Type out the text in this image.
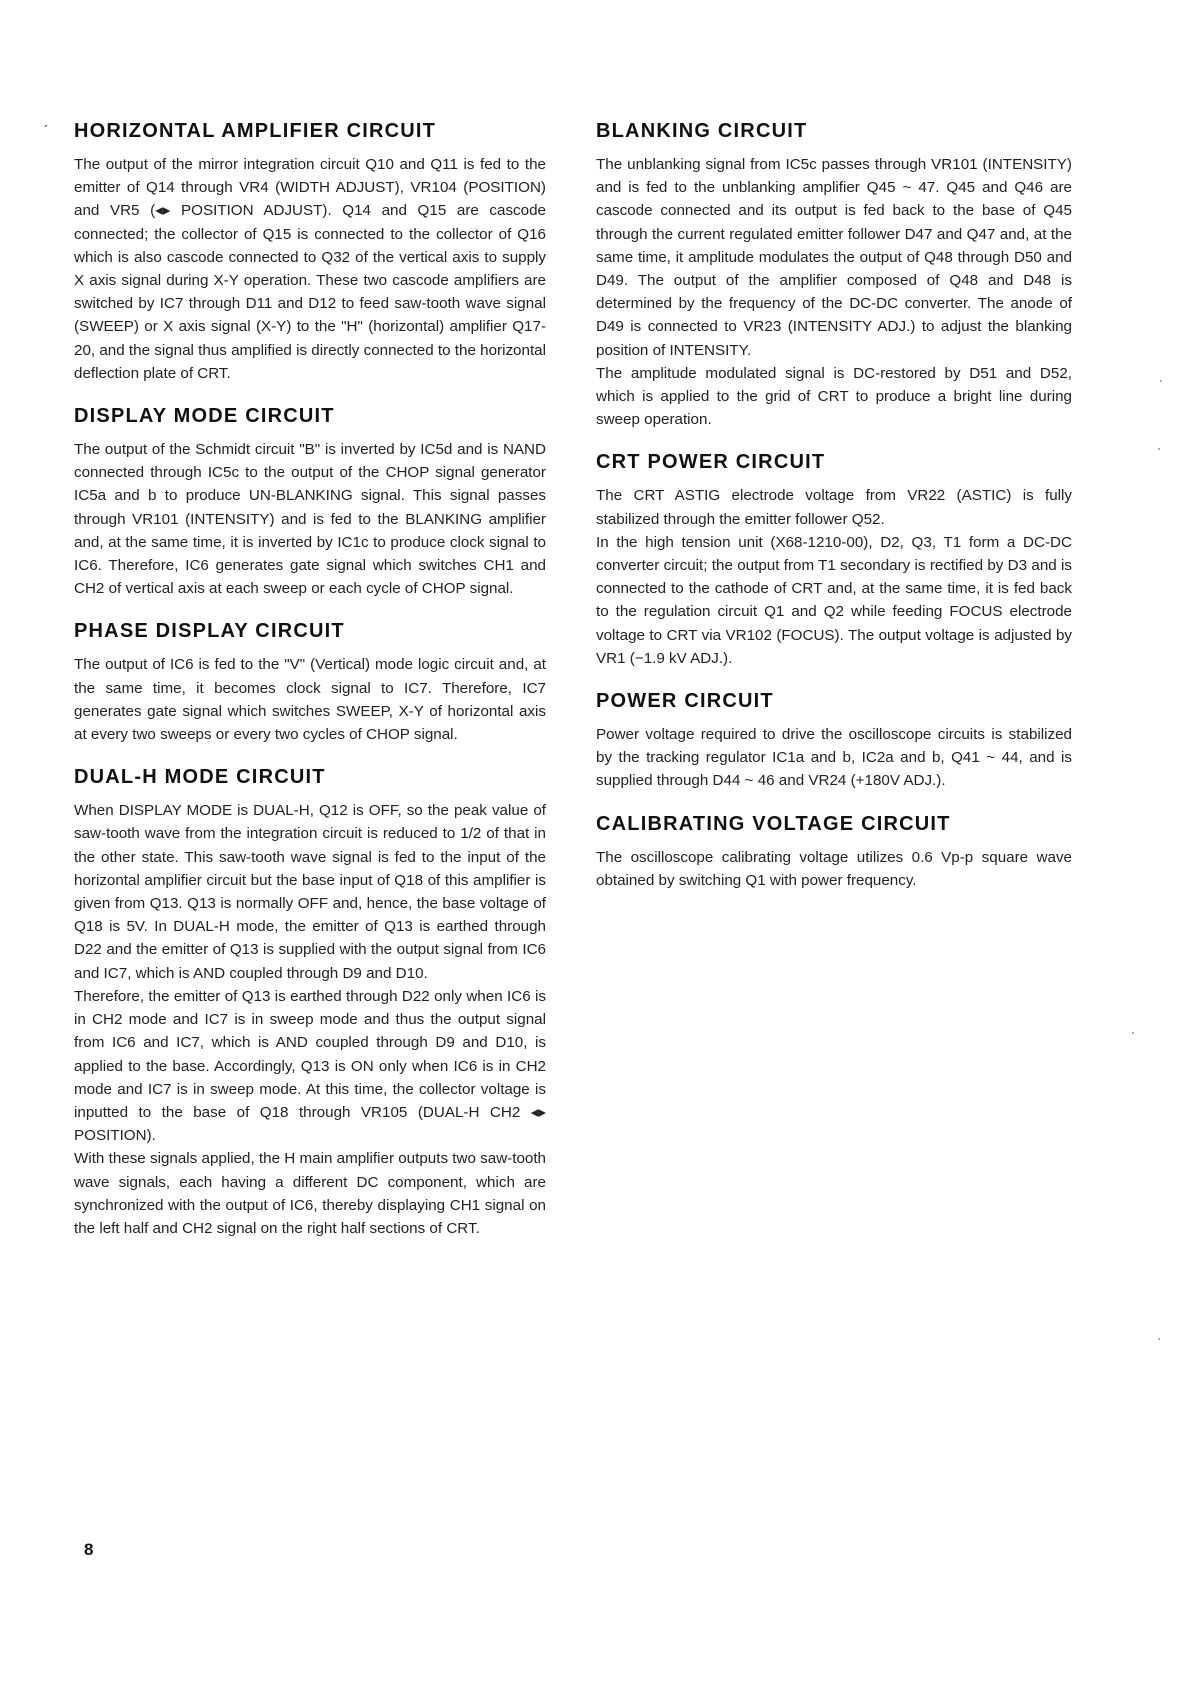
´ HORIZONTAL AMPLIFIER CIRCUIT

The output of the mirror integration circuit Q10 and Q11 is fed to the emitter of Q14 through VR4 (WIDTH ADJUST), VR104 (POSITION) and VR5 (◂▸ POSITION ADJUST). Q14 and Q15 are cascode connected; the collector of Q15 is connected to the collector of Q16 which is also cascode connected to Q32 of the vertical axis to supply X axis signal during X-Y operation. These two cascode amplifiers are switched by IC7 through D11 and D12 to feed saw-tooth wave signal (SWEEP) or X axis signal (X-Y) to the "H" (horizontal) amplifier Q17-20, and the signal thus amplified is directly connected to the horizontal deflection plate of CRT.

DISPLAY MODE CIRCUIT

The output of the Schmidt circuit "B" is inverted by IC5d and is NAND connected through IC5c to the output of the CHOP signal generator IC5a and b to produce UN-BLANKING signal. This signal passes through VR101 (INTENSITY) and is fed to the BLANKING amplifier and, at the same time, it is inverted by IC1c to produce clock signal to IC6. Therefore, IC6 generates gate signal which switches CH1 and CH2 of vertical axis at each sweep or each cycle of CHOP signal.

PHASE DISPLAY CIRCUIT

The output of IC6 is fed to the "V" (Vertical) mode logic circuit and, at the same time, it becomes clock signal to IC7. Therefore, IC7 generates gate signal which switches SWEEP, X-Y of horizontal axis at every two sweeps or every two cycles of CHOP signal.

DUAL-H MODE CIRCUIT

When DISPLAY MODE is DUAL-H, Q12 is OFF, so the peak value of saw-tooth wave from the integration circuit is reduced to 1/2 of that in the other state. This saw-tooth wave signal is fed to the input of the horizontal amplifier circuit but the base input of Q18 of this amplifier is given from Q13. Q13 is normally OFF and, hence, the base voltage of Q18 is 5V. In DUAL-H mode, the emitter of Q13 is earthed through D22 and the emitter of Q13 is supplied with the output signal from IC6 and IC7, which is AND coupled through D9 and D10.

Therefore, the emitter of Q13 is earthed through D22 only when IC6 is in CH2 mode and IC7 is in sweep mode and thus the output signal from IC6 and IC7, which is AND coupled through D9 and D10, is applied to the base. Accordingly, Q13 is ON only when IC6 is in CH2 mode and IC7 is in sweep mode. At this time, the collector voltage is inputted to the base of Q18 through VR105 (DUAL-H CH2 ◂▸ POSITION).

With these signals applied, the H main amplifier outputs two saw-tooth wave signals, each having a different DC component, which are synchronized with the output of IC6, thereby displaying CH1 signal on the left half and CH2 signal on the right half sections of CRT.

BLANKING CIRCUIT

The unblanking signal from IC5c passes through VR101 (INTENSITY) and is fed to the unblanking amplifier Q45 ~ 47. Q45 and Q46 are cascode connected and its output is fed back to the base of Q45 through the current regulated emitter follower D47 and Q47 and, at the same time, it amplitude modulates the output of Q48 through D50 and D49. The output of the amplifier composed of Q48 and D48 is determined by the frequency of the DC-DC converter. The anode of D49 is connected to VR23 (INTENSITY ADJ.) to adjust the blanking position of INTENSITY.

The amplitude modulated signal is DC-restored by D51 and D52, which is applied to the grid of CRT to produce a bright line during sweep operation.

CRT POWER CIRCUIT

The CRT ASTIG electrode voltage from VR22 (ASTIC) is fully stabilized through the emitter follower Q52.

In the high tension unit (X68-1210-00), D2, Q3, T1 form a DC-DC converter circuit; the output from T1 secondary is rectified by D3 and is connected to the cathode of CRT and, at the same time, it is fed back to the regulation circuit Q1 and Q2 while feeding FOCUS electrode voltage to CRT via VR102 (FOCUS). The output voltage is adjusted by VR1 (−1.9 kV ADJ.).

POWER CIRCUIT

Power voltage required to drive the oscilloscope circuits is stabilized by the tracking regulator IC1a and b, IC2a and b, Q41 ~ 44, and is supplied through D44 ~ 46 and VR24 (+180V ADJ.).

CALIBRATING VOLTAGE CIRCUIT

The oscilloscope calibrating voltage utilizes 0.6 Vp-p square wave obtained by switching Q1 with power frequency.

8
